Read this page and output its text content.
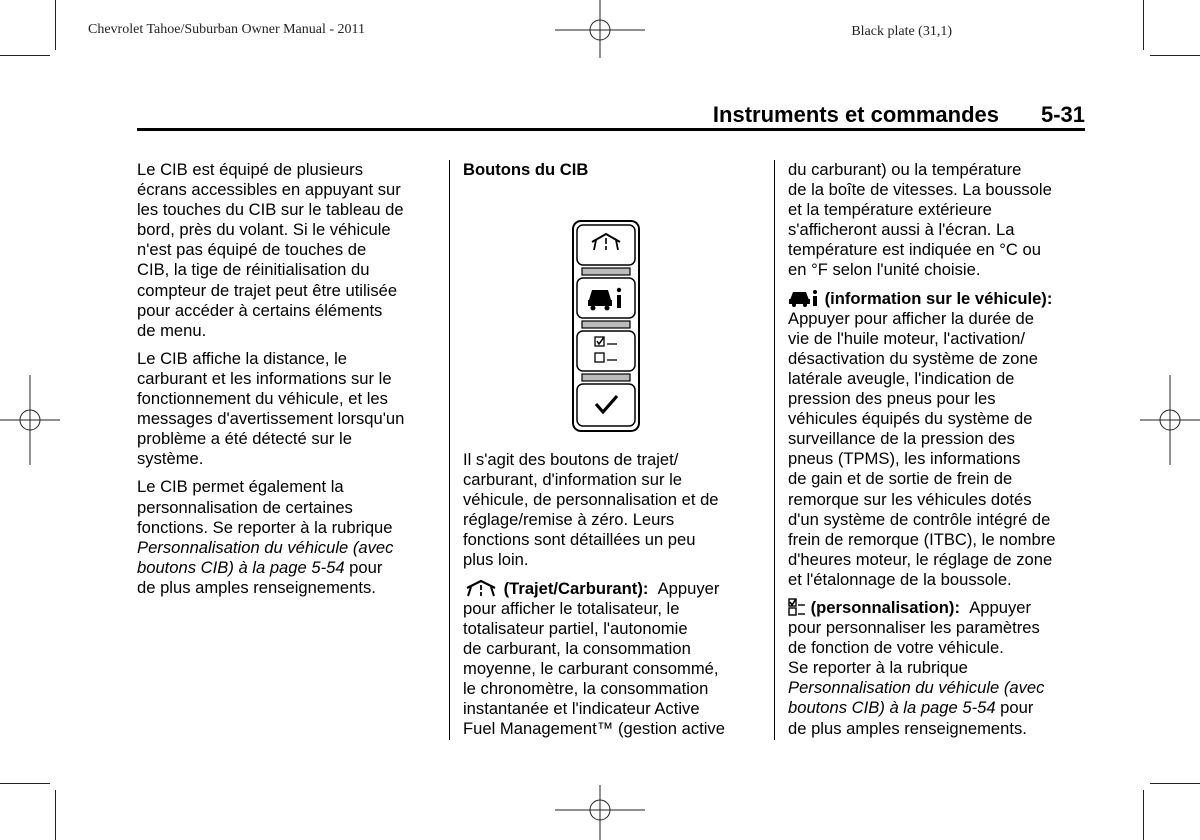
Chevrolet Tahoe/Suburban Owner Manual - 2011	Black plate (31,1)
Instruments et commandes 5-31

Le CIB est équipé de plusieurs
écrans accessibles en appuyant sur
les touches du CIB sur le tableau de
bord, près du volant. Si le véhicule
n'est pas équipé de touches de
CIB, la tige de réinitialisation du
compteur de trajet peut être utilisée
pour accéder à certains éléments
de menu.

Le CIB affiche la distance, le
carburant et les informations sur le
fonctionnement du véhicule, et les
messages d'avertissement lorsqu'un
problème a été détecté sur le
système.

Le CIB permet également la
personnalisation de certaines
fonctions. Se reporter à la rubrique
Personnalisation du véhicule (avec
boutons CIB) à la page 5-54 pour
de plus amples renseignements.

Boutons du CIB

Il s'agit des boutons de trajet/
carburant, d'information sur le
véhicule, de personnalisation et de
réglage/remise à zéro. Leurs
fonctions sont détaillées un peu
plus loin.

(Trajet/Carburant): Appuyer
pour afficher le totalisateur, le
totalisateur partiel, l'autonomie
de carburant, la consommation
moyenne, le carburant consommé,
le chronomètre, la consommation
instantanée et l'indicateur Active
Fuel Management™ (gestion active

du carburant) ou la température
de la boîte de vitesses. La boussole
et la température extérieure
s'afficheront aussi à l'écran. La
température est indiquée en °C ou
en °F selon l'unité choisie.

(information sur le véhicule):
Appuyer pour afficher la durée de
vie de l'huile moteur, l'activation/
désactivation du système de zone
latérale aveugle, l'indication de
pression des pneus pour les
véhicules équipés du système de
surveillance de la pression des
pneus (TPMS), les informations
de gain et de sortie de frein de
remorque sur les véhicules dotés
d'un système de contrôle intégré de
frein de remorque (ITBC), le nombre
d'heures moteur, le réglage de zone
et l'étalonnage de la boussole.

(personnalisation): Appuyer
pour personnaliser les paramètres
de fonction de votre véhicule.
Se reporter à la rubrique
Personnalisation du véhicule (avec
boutons CIB) à la page 5-54 pour
de plus amples renseignements.
